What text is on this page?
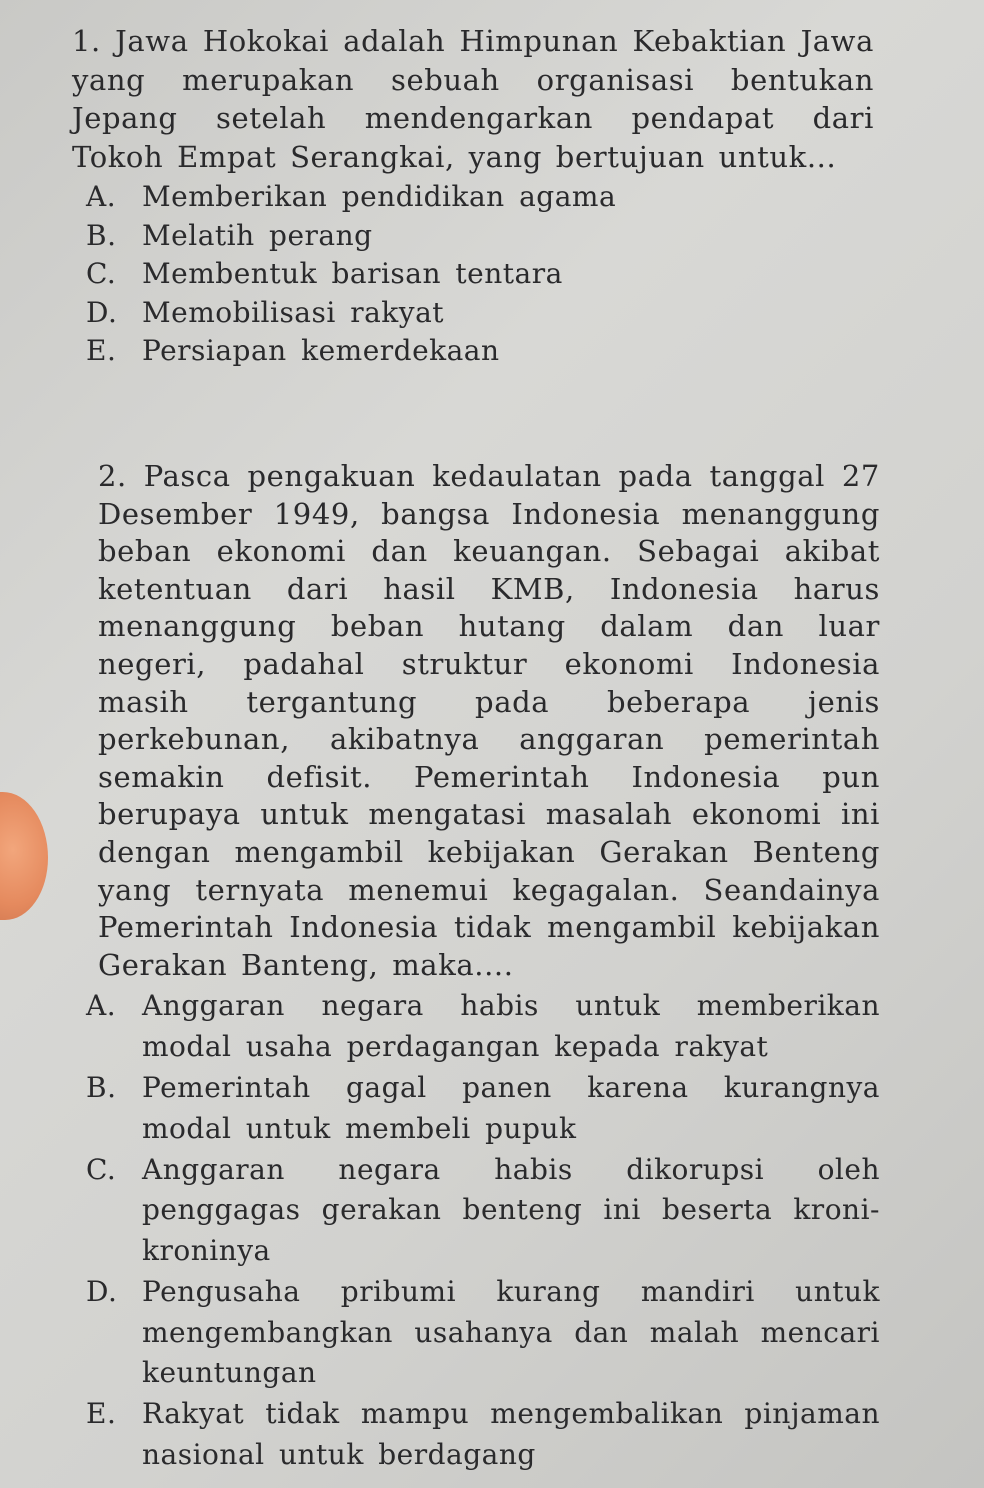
1. Jawa Hokokai adalah Himpunan Kebaktian Jawa yang merupakan sebuah organisasi bentukan Jepang setelah mendengarkan pendapat dari Tokoh Empat Serangkai, yang bertujuan untuk...
A. Memberikan pendidikan agama
B. Melatih perang
C. Membentuk barisan tentara
D. Memobilisasi rakyat
E. Persiapan kemerdekaan
2. Pasca pengakuan kedaulatan pada tanggal 27 Desember 1949, bangsa Indonesia menanggung beban ekonomi dan keuangan. Sebagai akibat ketentuan dari hasil KMB, Indonesia harus menanggung beban hutang dalam dan luar negeri, padahal struktur ekonomi Indonesia masih tergantung pada beberapa jenis perkebunan, akibatnya anggaran pemerintah semakin defisit. Pemerintah Indonesia pun berupaya untuk mengatasi masalah ekonomi ini dengan mengambil kebijakan Gerakan Benteng yang ternyata menemui kegagalan. Seandainya Pemerintah Indonesia tidak mengambil kebijakan Gerakan Banteng, maka....
A. Anggaran negara habis untuk memberikan modal usaha perdagangan kepada rakyat
B. Pemerintah gagal panen karena kurangnya modal untuk membeli pupuk
C. Anggaran negara habis dikorupsi oleh penggagas gerakan benteng ini beserta kroni-kroninya
D. Pengusaha pribumi kurang mandiri untuk mengembangkan usahanya dan malah mencari keuntungan
E. Rakyat tidak mampu mengembalikan pinjaman nasional untuk berdagang
